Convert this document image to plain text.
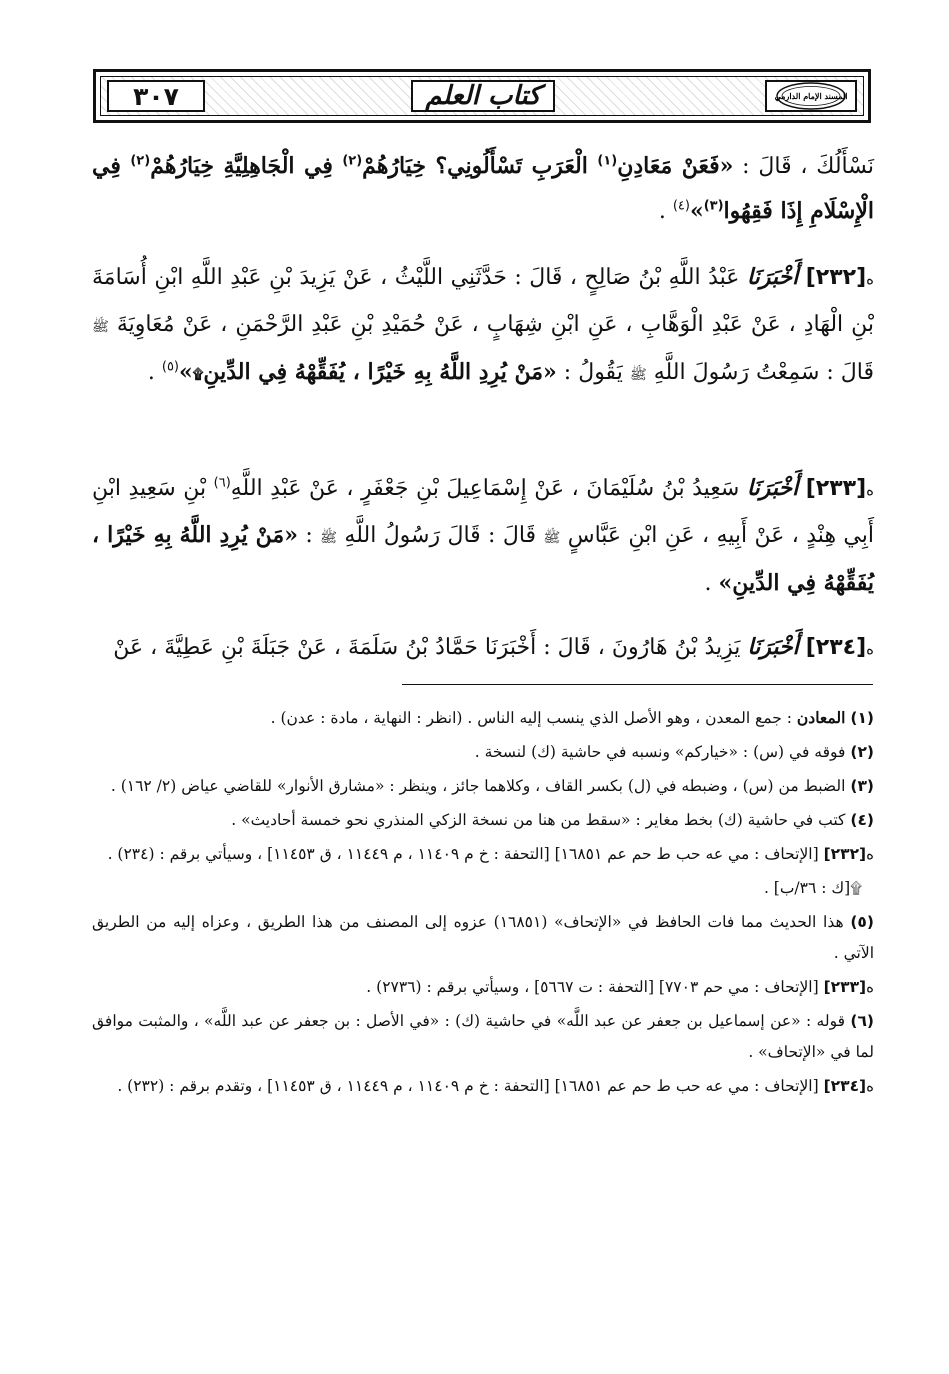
٣٠٧	كتاب العلم	المسند الإمام الدارمي

نَسْأَلُكَ ، قَالَ : «فَعَنْ مَعَادِنِ$^{(١)}$ الْعَرَبِ تَسْأَلُونِي؟ خِيَارُهُمْ$^{(٢)}$ فِي الْجَاهِلِيَّةِ خِيَارُهُمْ$^{(٢)}$ فِي الْإِسْلَامِ إِذَا فَقِهُوا$^{(٣)}$»$^{(٤)}$ .

ه[٢٣٢] أَخْبَرَنَا عَبْدُ اللَّهِ بْنُ صَالِحٍ ، قَالَ : حَدَّثَنِي اللَّيْثُ ، عَنْ يَزِيدَ بْنِ عَبْدِ اللَّهِ ابْنِ أُسَامَةَ بْنِ الْهَادِ ، عَنْ عَبْدِ الْوَهَّابِ ، عَنِ ابْنِ شِهَابٍ ، عَنْ حُمَيْدِ بْنِ عَبْدِ الرَّحْمَنِ ، عَنْ مُعَاوِيَةَ ﷺ قَالَ : سَمِعْتُ رَسُولَ اللَّهِ ﷺ يَقُولُ : «مَنْ يُرِدِ اللَّهُ بِهِ خَيْرًا ، يُفَقِّهْهُ فِي الدِّينِ۩»$^{(٥)}$ .

ه[٢٣٣] أَخْبَرَنَا سَعِيدُ بْنُ سُلَيْمَانَ ، عَنْ إِسْمَاعِيلَ بْنِ جَعْفَرٍ ، عَنْ عَبْدِ اللَّهِ$^{(٦)}$ بْنِ سَعِيدِ ابْنِ أَبِي هِنْدٍ ، عَنْ أَبِيهِ ، عَنِ ابْنِ عَبَّاسٍ ﷺ قَالَ : قَالَ رَسُولُ اللَّهِ ﷺ : «مَنْ يُرِدِ اللَّهُ بِهِ خَيْرًا ، يُفَقِّهْهُ فِي الدِّينِ» .

ه[٢٣٤] أَخْبَرَنَا يَزِيدُ بْنُ هَارُونَ ، قَالَ : أَخْبَرَنَا حَمَّادُ بْنُ سَلَمَةَ ، عَنْ جَبَلَةَ بْنِ عَطِيَّةَ ، عَنْ

(١) المعادن : جمع المعدن ، وهو الأصل الذي ينسب إليه الناس . (انظر : النهاية ، مادة : عدن) .

(٢) فوقه في (س) : «خياركم» ونسبه في حاشية (ك) لنسخة .

(٣) الضبط من (س) ، وضبطه في (ل) بكسر القاف ، وكلاهما جائز ، وينظر : «مشارق الأنوار» للقاضي عياض (٢/ ١٦٢) .

(٤) كتب في حاشية (ك) بخط مغاير : «سقط من هنا من نسخة الزكي المنذري نحو خمسة أحاديث» .

ه[٢٣٢] [الإتحاف : مي عه حب ط حم عم ١٦٨٥١] [التحفة : خ م ١١٤٠٩ ، م ١١٤٤٩ ، ق ١١٤٥٣] ، وسيأتي برقم : (٢٣٤) .

۩[ك : ٣٦/ب] .

(٥) هذا الحديث مما فات الحافظ في «الإتحاف» (١٦٨٥١) عزوه إلى المصنف من هذا الطريق ، وعزاه إليه من الطريق الآتي .

ه[٢٣٣] [الإتحاف : مي حم ٧٧٠٣] [التحفة : ت ٥٦٦٧] ، وسيأتي برقم : (٢٧٣٦) .

(٦) قوله : «عن إسماعيل بن جعفر عن عبد اللَّه» في حاشية (ك) : «في الأصل : بن جعفر عن عبد اللَّه» ، والمثبت موافق لما في «الإتحاف» .

ه[٢٣٤] [الإتحاف : مي عه حب ط حم عم ١٦٨٥١] [التحفة : خ م ١١٤٠٩ ، م ١١٤٤٩ ، ق ١١٤٥٣] ، وتقدم برقم : (٢٣٢) .
